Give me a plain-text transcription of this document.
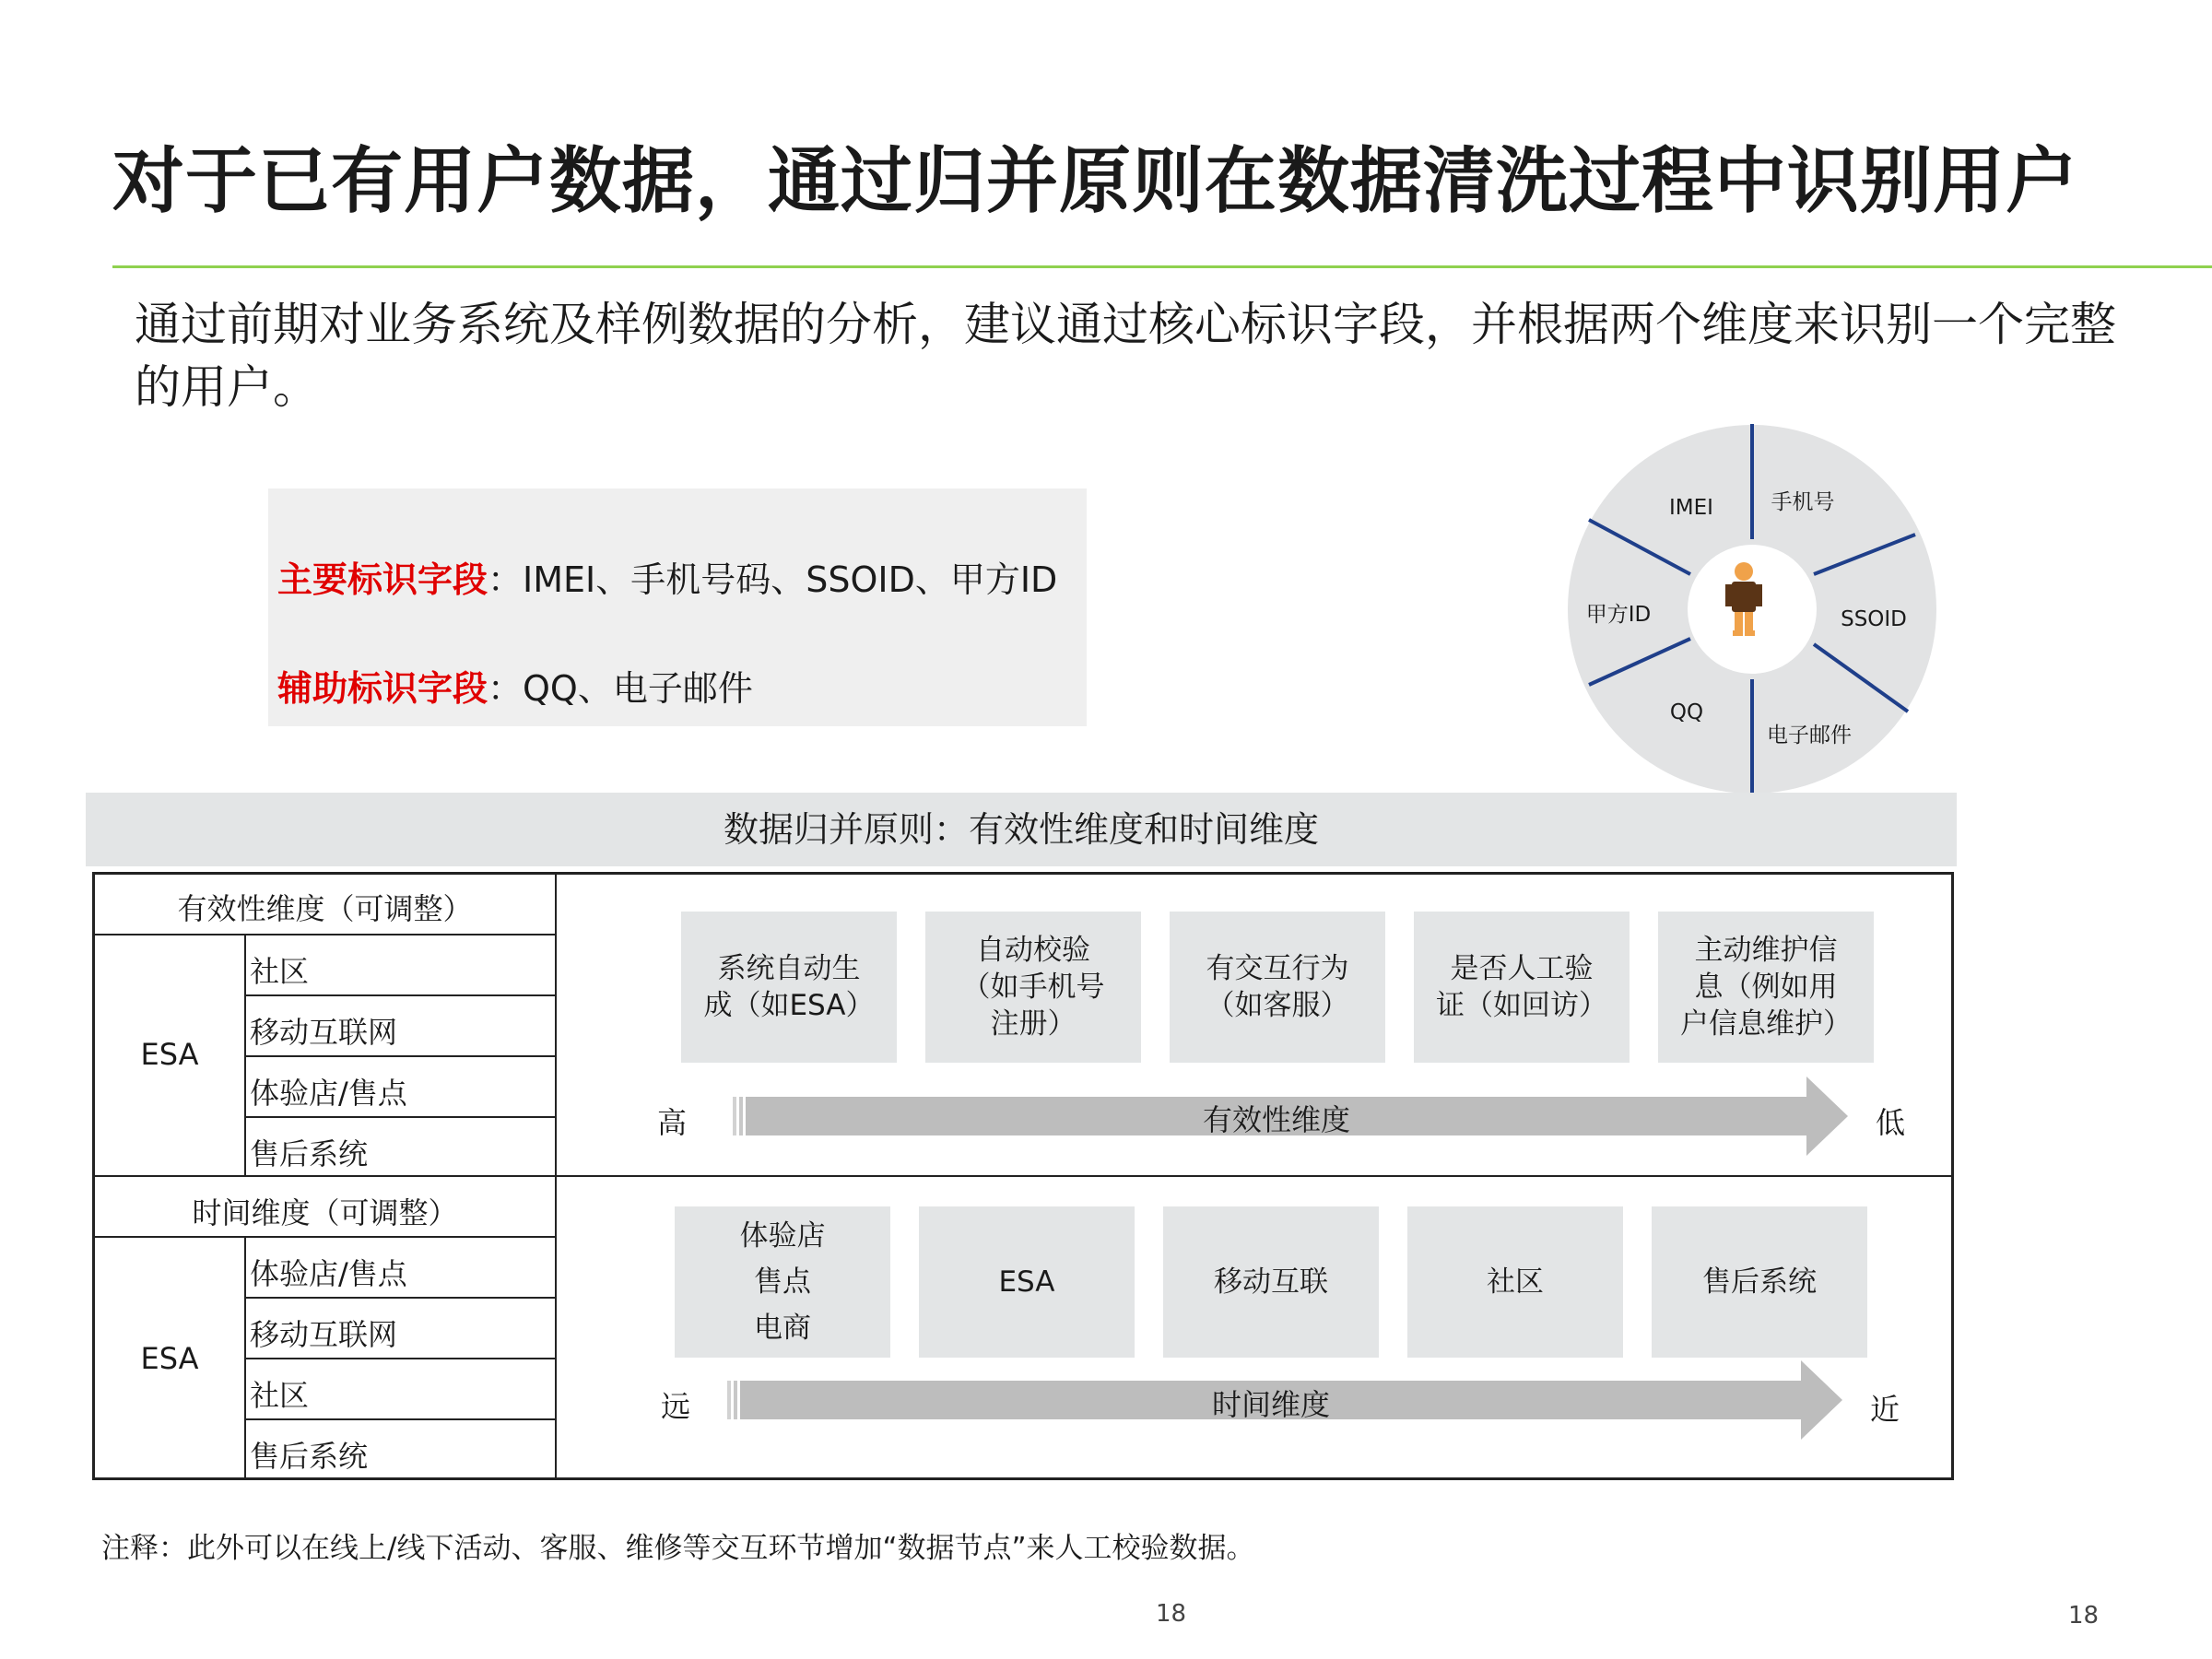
对于已有用户数据，通过归并原则在数据清洗过程中识别用户
通过前期对业务系统及样例数据的分析，建议通过核心标识字段，并根据两个维度来识别一个完整的用户。
主要标识字段：IMEI、手机号码、SSOID、甲方ID
辅助标识字段：QQ、电子邮件
IMEI	手机号
SSOID
电子邮件
QQ
甲方ID
数据归并原则：有效性维度和时间维度
有效性维度（可调整）
ESA
社区
移动互联网
体验店/售点
售后系统
时间维度（可调整）
ESA
体验店/售点
移动互联网
社区
售后系统
系统自动生
成（如ESA）
自动校验
（如手机号
注册）
有交互行为
（如客服）
是否人工验
证（如回访）
主动维护信
息（例如用
户信息维护）
有效性维度
高	低
体验店
售点
电商
ESA	移动互联	社区	售后系统
时间维度
远	近
注释：此外可以在线上/线下活动、客服、维修等交互环节增加“数据节点”来人工校验数据。
18	18
